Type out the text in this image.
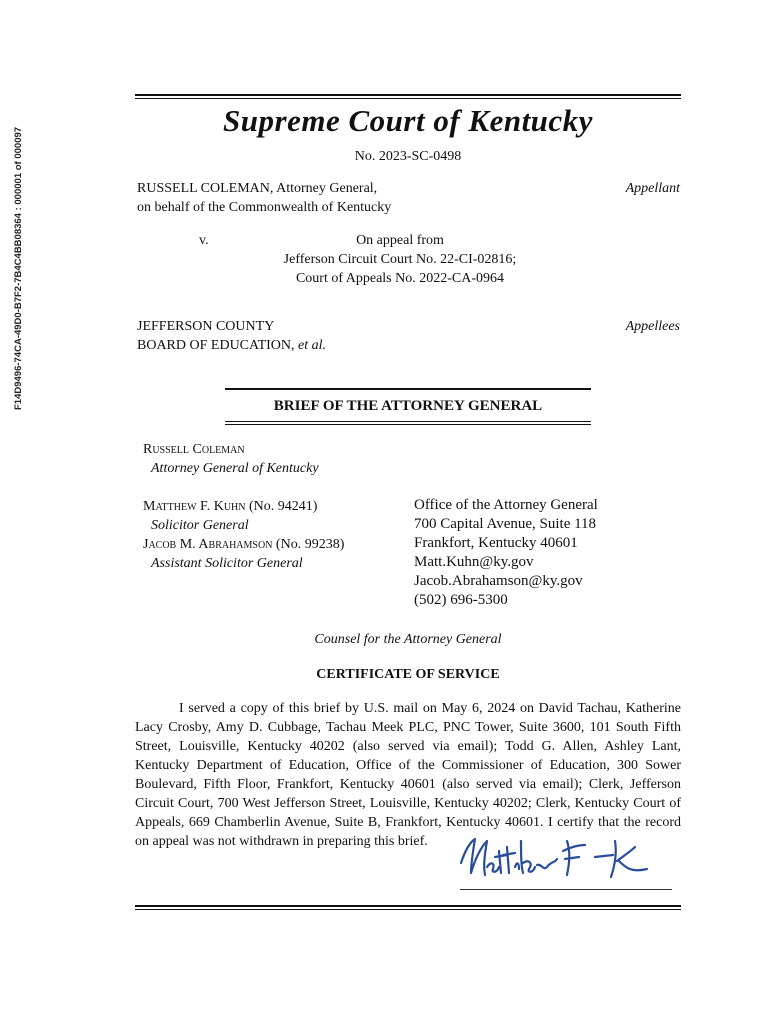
F14D9496-74CA-49D0-B7F2-7B4C4BB08364 : 000001 of 000097
Supreme Court of Kentucky
No. 2023-SC-0498
RUSSELL COLEMAN, Attorney General,
on behalf of the Commonwealth of Kentucky
Appellant
v.	On appeal from
Jefferson Circuit Court No. 22-CI-02816;
Court of Appeals No. 2022-CA-0964
JEFFERSON COUNTY
BOARD OF EDUCATION, et al.
Appellees
BRIEF OF THE ATTORNEY GENERAL
Russell Coleman
Attorney General of Kentucky
Matthew F. Kuhn (No. 94241)
Solicitor General
Jacob M. Abrahamson (No. 99238)
Assistant Solicitor General
Office of the Attorney General
700 Capital Avenue, Suite 118
Frankfort, Kentucky 40601
Matt.Kuhn@ky.gov
Jacob.Abrahamson@ky.gov
(502) 696-5300
Counsel for the Attorney General
CERTIFICATE OF SERVICE
I served a copy of this brief by U.S. mail on May 6, 2024 on David Tachau, Katherine Lacy Crosby, Amy D. Cubbage, Tachau Meek PLC, PNC Tower, Suite 3600, 101 South Fifth Street, Louisville, Kentucky 40202 (also served via email); Todd G. Allen, Ashley Lant, Kentucky Department of Education, Office of the Commissioner of Education, 300 Sower Boulevard, Fifth Floor, Frankfort, Kentucky 40601 (also served via email); Clerk, Jefferson Circuit Court, 700 West Jefferson Street, Louisville, Kentucky 40202; Clerk, Kentucky Court of Appeals, 669 Chamberlin Avenue, Suite B, Frankfort, Kentucky 40601. I certify that the record on appeal was not withdrawn in preparing this brief.
Matthew F. Kuhn
